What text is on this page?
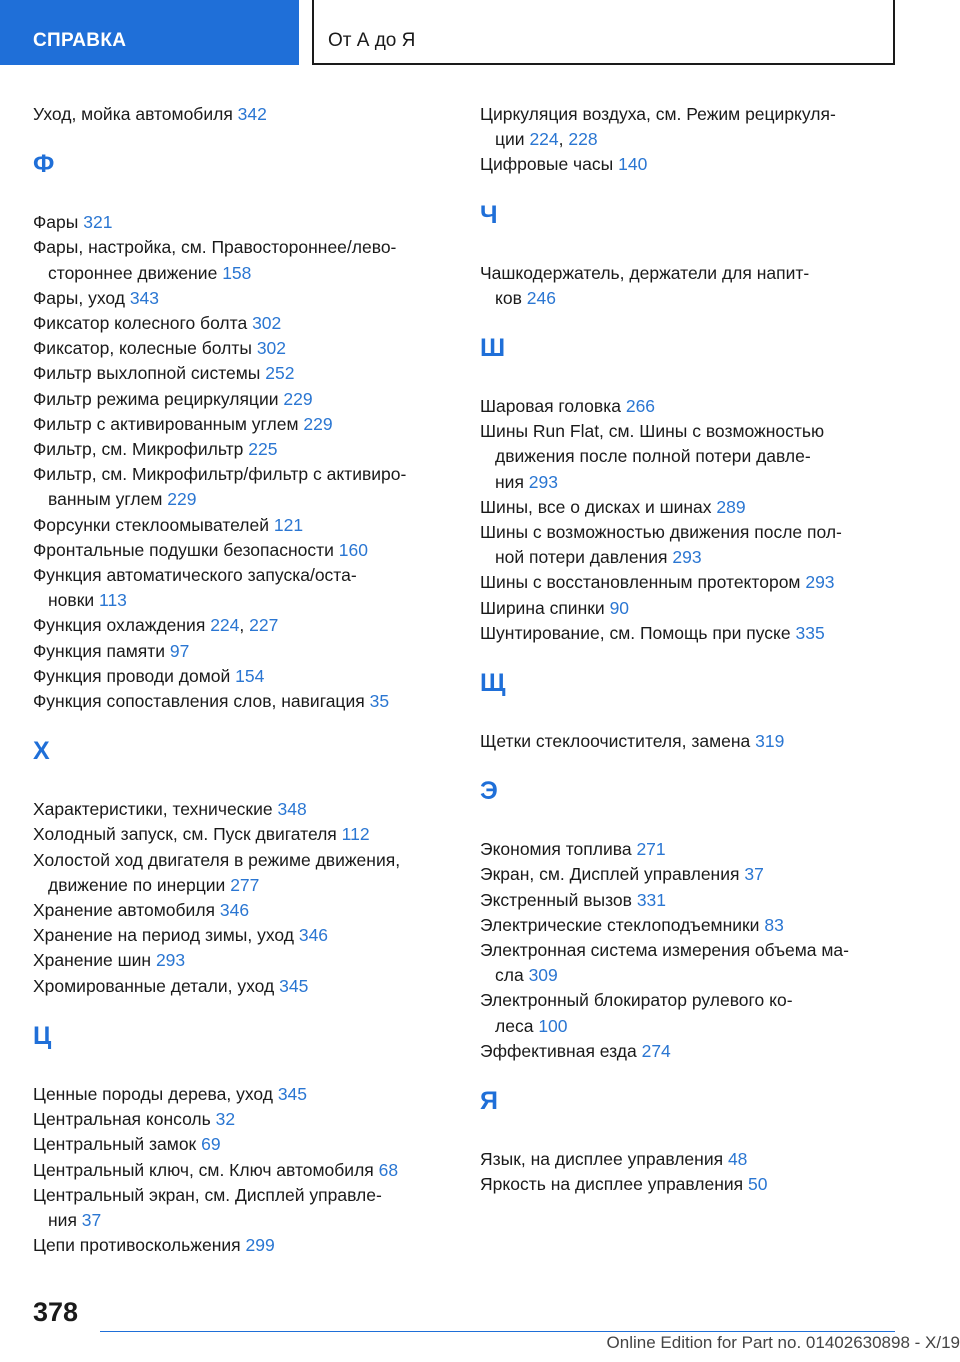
СПРАВКА	От А до Я
Уход, мойка автомобиля 342
Ф
Фары 321
Фары, настройка, см. Правостороннее/лево-
стороннее движение 158
Фары, уход 343
Фиксатор колесного болта 302
Фиксатор, колесные болты 302
Фильтр выхлопной системы 252
Фильтр режима рециркуляции 229
Фильтр с активированным углем 229
Фильтр, см. Микрофильтр 225
Фильтр, см. Микрофильтр/фильтр с активиро-
ванным углем 229
Форсунки стеклоомывателей 121
Фронтальные подушки безопасности 160
Функция автоматического запуска/оста-
новки 113
Функция охлаждения 224, 227
Функция памяти 97
Функция проводи домой 154
Функция сопоставления слов, навигация 35
Х
Характеристики, технические 348
Холодный запуск, см. Пуск двигателя 112
Холостой ход двигателя в режиме движения,
движение по инерции 277
Хранение автомобиля 346
Хранение на период зимы, уход 346
Хранение шин 293
Хромированные детали, уход 345
Ц
Ценные породы дерева, уход 345
Центральная консоль 32
Центральный замок 69
Центральный ключ, см. Ключ автомобиля 68
Центральный экран, см. Дисплей управле-
ния 37
Цепи противоскольжения 299
Циркуляция воздуха, см. Режим рециркуля-
ции 224, 228
Цифровые часы 140
Ч
Чашкодержатель, держатели для напит-
ков 246
Ш
Шаровая головка 266
Шины Run Flat, см. Шины с возможностью
движения после полной потери давле-
ния 293
Шины, все о дисках и шинах 289
Шины с возможностью движения после пол-
ной потери давления 293
Шины с восстановленным протектором 293
Ширина спинки 90
Шунтирование, см. Помощь при пуске 335
Щ
Щетки стеклоочистителя, замена 319
Э
Экономия топлива 271
Экран, см. Дисплей управления 37
Экстренный вызов 331
Электрические стеклоподъемники 83
Электронная система измерения объема ма-
сла 309
Электронный блокиратор рулевого ко-
леса 100
Эффективная езда 274
Я
Язык, на дисплее управления 48
Яркость на дисплее управления 50
378
Online Edition for Part no. 01402630898 - X/19
